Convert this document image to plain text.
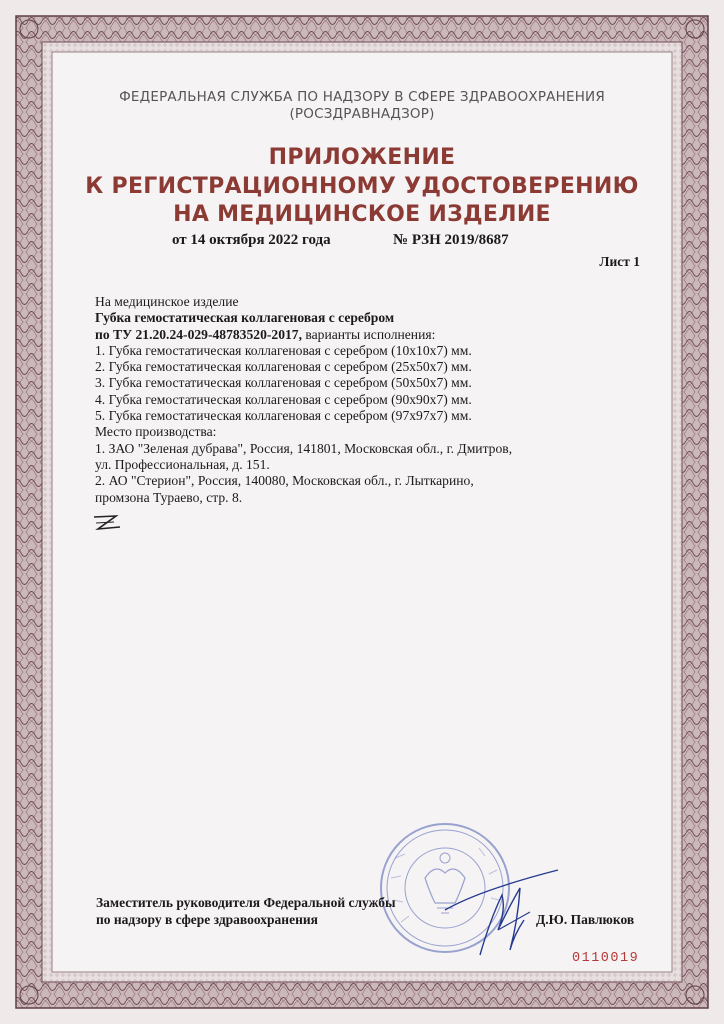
ФЕДЕРАЛЬНАЯ СЛУЖБА ПО НАДЗОРУ В СФЕРЕ ЗДРАВООХРАНЕНИЯ
(РОСЗДРАВНАДЗОР)
ПРИЛОЖЕНИЕ
К РЕГИСТРАЦИОННОМУ УДОСТОВЕРЕНИЮ
НА МЕДИЦИНСКОЕ ИЗДЕЛИЕ
от 14 октября 2022 года	№ РЗН 2019/8687
Лист 1
На медицинское изделие
Губка гемостатическая коллагеновая с серебром
по ТУ 21.20.24-029-48783520-2017, варианты исполнения:
1. Губка гемостатическая коллагеновая с серебром (10х10х7) мм.
2. Губка гемостатическая коллагеновая с серебром (25х50х7) мм.
3. Губка гемостатическая коллагеновая с серебром (50х50х7) мм.
4. Губка гемостатическая коллагеновая с серебром (90х90х7) мм.
5. Губка гемостатическая коллагеновая с серебром (97х97х7) мм.
Место производства:
1. ЗАО "Зеленая дубрава", Россия, 141801, Московская обл., г. Дмитров,
ул. Профессиональная, д. 151.
2. АО "Стерион", Россия, 140080, Московская обл., г. Лыткарино,
промзона Тураево, стр. 8.
Заместитель руководителя Федеральной службы
по надзору в сфере здравоохранения	Д.Ю. Павлюков
0110019
